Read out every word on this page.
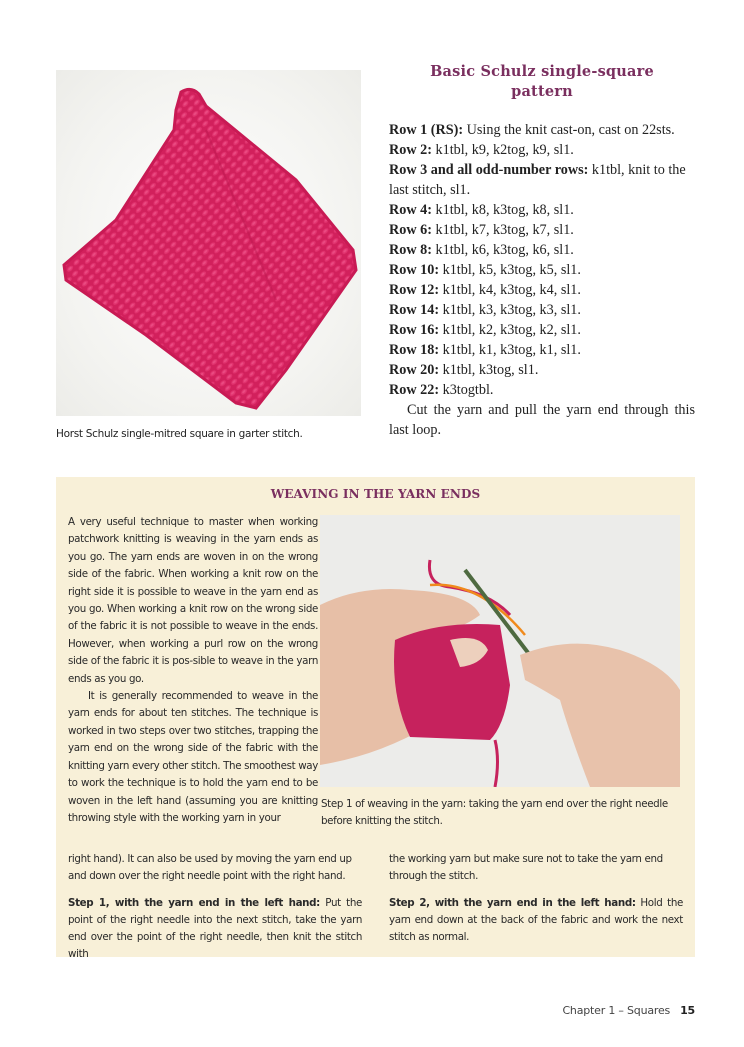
Horst Schulz single-mitred square in garter stitch.
Basic Schulz single-square
pattern
Row 1 (RS): Using the knit cast-on, cast on 22sts.
Row 2: k1tbl, k9, k2tog, k9, sl1.
Row 3 and all odd-number rows: k1tbl, knit to the last stitch, sl1.
Row 4: k1tbl, k8, k3tog, k8, sl1.
Row 6: k1tbl, k7, k3tog, k7, sl1.
Row 8: k1tbl, k6, k3tog, k6, sl1.
Row 10: k1tbl, k5, k3tog, k5, sl1.
Row 12: k1tbl, k4, k3tog, k4, sl1.
Row 14: k1tbl, k3, k3tog, k3, sl1.
Row 16: k1tbl, k2, k3tog, k2, sl1.
Row 18: k1tbl, k1, k3tog, k1, sl1.
Row 20: k1tbl, k3tog, sl1.
Row 22: k3togtbl.
Cut the yarn and pull the yarn end through this last loop.
WEAVING IN THE YARN ENDS

A very useful technique to master when working patchwork knitting is weaving in the yarn ends as you go. The yarn ends are woven in on the wrong side of the fabric. When working a knit row on the right side it is possible to weave in the yarn end as you go. When working a knit row on the wrong side of the fabric it is not possible to weave in the ends. However, when working a purl row on the wrong side of the fabric it is pos-sible to weave in the yarn ends as you go.

It is generally recommended to weave in the yarn ends for about ten stitches. The technique is worked in two steps over two stitches, trapping the yarn end on the wrong side of the fabric with the knitting yarn every other stitch. The smoothest way to work the technique is to hold the yarn end to be woven in the left hand (assuming you are knitting throwing style with the working yarn in your

Step 1 of weaving in the yarn: taking the yarn end over the right needle before knitting the stitch.
right hand). It can also be used by moving the yarn end up and down over the right needle point with the right hand.
the working yarn but make sure not to take the yarn end through the stitch.
Step 1, with the yarn end in the left hand: Put the point of the right needle into the next stitch, take the yarn end over the point of the right needle, then knit the stitch with
Step 2, with the yarn end in the left hand: Hold the yarn end down at the back of the fabric and work the next stitch as normal.
Chapter 1 – Squares 15
